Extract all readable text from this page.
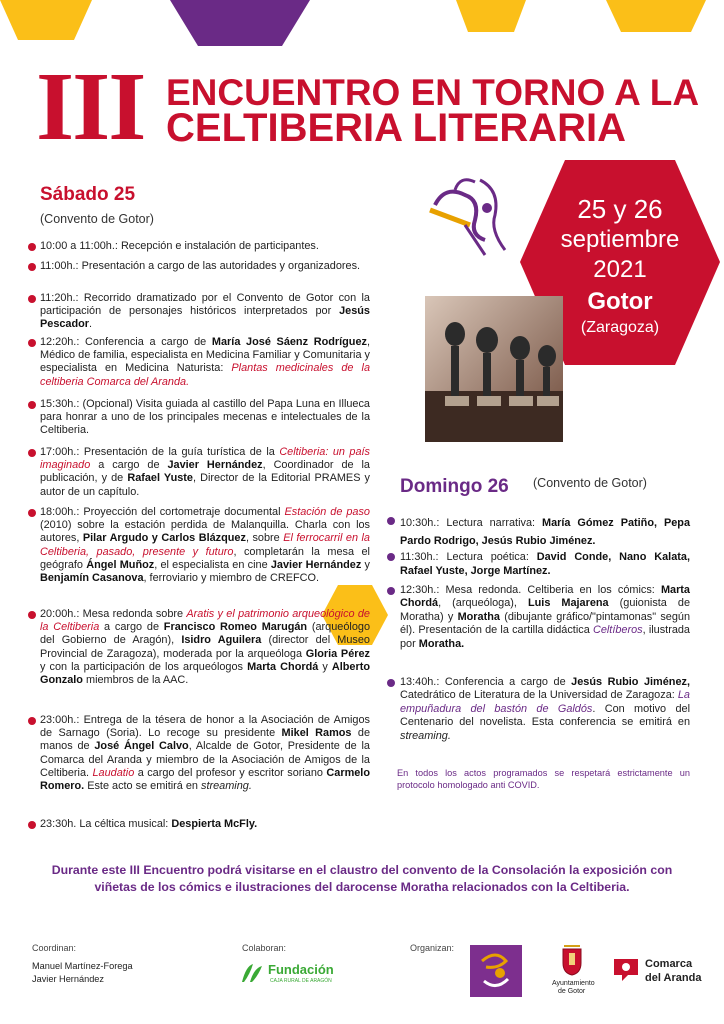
III ENCUENTRO EN TORNO A LA
CELTIBERIA LITERARIA
25 y 26
septiembre
2021
Gotor
(Zaragoza)
Sábado 25
(Convento de Gotor)
10:00 a 11:00h.: Recepción e instalación de participantes.
11:00h.: Presentación a cargo de las autoridades y organizadores.
11:20h.: Recorrido dramatizado por el Convento de Gotor con la participación de personajes históricos interpretados por Jesús Pescador.
12:20h.: Conferencia a cargo de María José Sáenz Rodríguez, Médico de familia, especialista en Medicina Familiar y Comunitaria y especialista en Medicina Naturista: Plantas medicinales de la celtiberia Comarca del Aranda.
15:30h.: (Opcional) Visita guiada al castillo del Papa Luna en Illueca para honrar a uno de los principales mecenas e intelectuales de la Celtiberia.
17:00h.: Presentación de la guía turística de la Celtiberia: un país imaginado a cargo de Javier Hernández, Coordinador de la publicación, y de Rafael Yuste, Director de la Editorial PRAMES y autor de un capítulo.
18:00h.: Proyección del cortometraje documental Estación de paso (2010) sobre la estación perdida de Malanquilla. Charla con los autores, Pilar Argudo y Carlos Blázquez, sobre El ferrocarril en la Celtiberia, pasado, presente y futuro, completarán la mesa el geógrafo Ángel Muñoz, el especialista en cine Javier Hernández y Benjamín Casanova, ferroviario y miembro de CREFCO.
20:00h.: Mesa redonda sobre Aratis y el patrimonio arqueológico de la Celtiberia a cargo de Francisco Romeo Marugán (arqueólogo del Gobierno de Aragón), Isidro Aguilera (director del Museo Provincial de Zaragoza), moderada por la arqueóloga Gloria Pérez y con la participación de los arqueólogos Marta Chordá y Alberto Gonzalo miembros de la AAC.
23:00h.: Entrega de la tésera de honor a la Asociación de Amigos de Sarnago (Soria). Lo recoge su presidente Mikel Ramos de manos de José Ángel Calvo, Alcalde de Gotor, Presidente de la Comarca del Aranda y miembro de la Asociación de Amigos de la Celtiberia. Laudatio a cargo del profesor y escritor soriano Carmelo Romero. Este acto se emitirá en streaming.
23:30h. La céltica musical: Despierta McFly.
Domingo 26 (Convento de Gotor)
10:30h.: Lectura narrativa: María Gómez Patiño, Pepa Pardo Rodrigo, Jesús Rubio Jiménez.
11:30h.: Lectura poética: David Conde, Nano Kalata, Rafael Yuste, Jorge Martínez.
12:30h.: Mesa redonda. Celtiberia en los cómics: Marta Chordá, (arqueóloga), Luis Majarena (guionista de Moratha) y Moratha (dibujante gráfico/"pintamonas" según él). Presentación de la cartilla didáctica Celtíberos, ilustrada por Moratha.
13:40h.: Conferencia a cargo de Jesús Rubio Jiménez, Catedrático de Literatura de la Universidad de Zaragoza: La empuñadura del bastón de Galdós. Con motivo del Centenario del novelista. Esta conferencia se emitirá en streaming.
En todos los actos programados se respetará estrictamente un protocolo homologado anti COVID.
Durante este III Encuentro podrá visitarse en el claustro del convento de la Consolación la exposición con viñetas de los cómics e ilustraciones del darocense Moratha relacionados con la Celtiberia.
Coordinan:
Manuel Martínez-Forega
Javier Hernández
Colaboran:
Fundación
CAJA RURAL DE ARAGÓN
Organizan:
Ayuntamiento
de Gotor
Comarca
del Aranda
